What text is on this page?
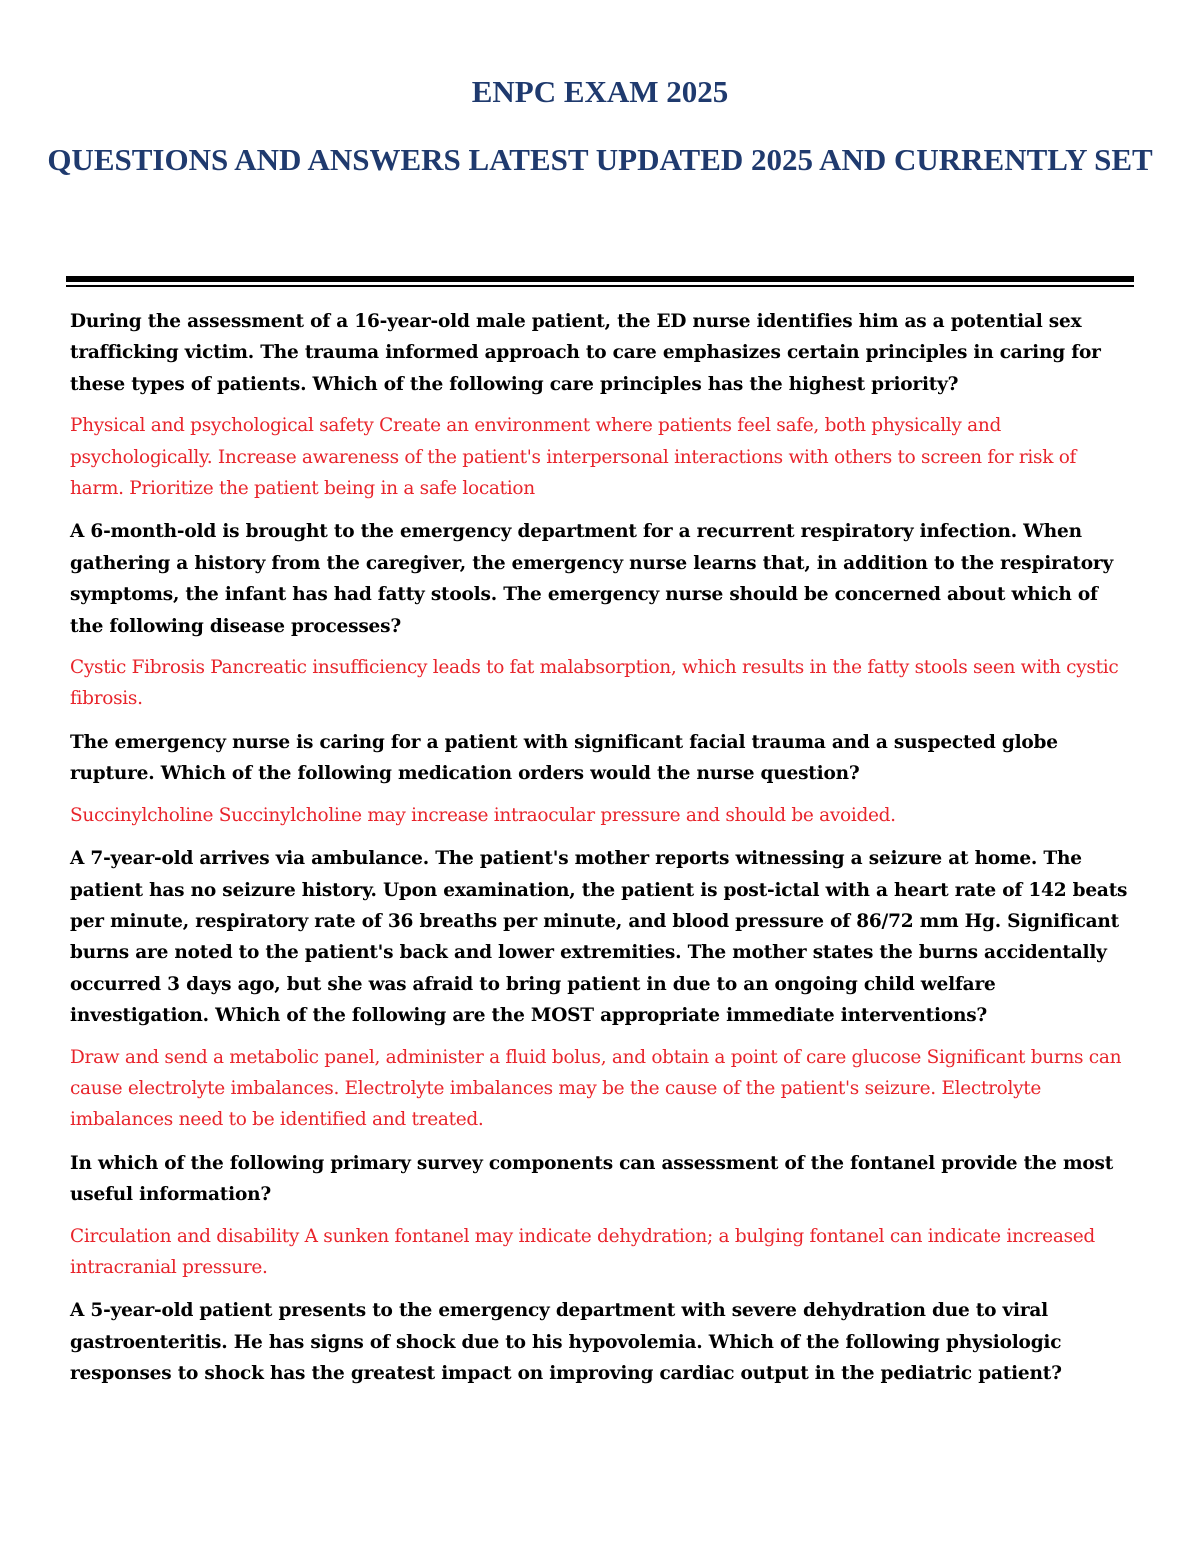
ENPC EXAM 2025
QUESTIONS AND ANSWERS LATEST UPDATED 2025 AND CURRENTLY SET

During the assessment of a 16-year-old male patient, the ED nurse identifies him as a potential sex trafficking victim. The trauma informed approach to care emphasizes certain principles in caring for these types of patients. Which of the following care principles has the highest priority?

Physical and psychological safety Create an environment where patients feel safe, both physically and psychologically. Increase awareness of the patient's interpersonal interactions with others to screen for risk of harm. Prioritize the patient being in a safe location

A 6-month-old is brought to the emergency department for a recurrent respiratory infection. When gathering a history from the caregiver, the emergency nurse learns that, in addition to the respiratory symptoms, the infant has had fatty stools. The emergency nurse should be concerned about which of the following disease processes?

Cystic Fibrosis Pancreatic insufficiency leads to fat malabsorption, which results in the fatty stools seen with cystic fibrosis.

The emergency nurse is caring for a patient with significant facial trauma and a suspected globe rupture. Which of the following medication orders would the nurse question?

Succinylcholine Succinylcholine may increase intraocular pressure and should be avoided.

A 7-year-old arrives via ambulance. The patient's mother reports witnessing a seizure at home. The patient has no seizure history. Upon examination, the patient is post-ictal with a heart rate of 142 beats per minute, respiratory rate of 36 breaths per minute, and blood pressure of 86/72 mm Hg. Significant burns are noted to the patient's back and lower extremities. The mother states the burns accidentally occurred 3 days ago, but she was afraid to bring patient in due to an ongoing child welfare investigation. Which of the following are the MOST appropriate immediate interventions?

Draw and send a metabolic panel, administer a fluid bolus, and obtain a point of care glucose Significant burns can cause electrolyte imbalances. Electrolyte imbalances may be the cause of the patient's seizure. Electrolyte imbalances need to be identified and treated.

In which of the following primary survey components can assessment of the fontanel provide the most useful information?

Circulation and disability A sunken fontanel may indicate dehydration; a bulging fontanel can indicate increased intracranial pressure.

A 5-year-old patient presents to the emergency department with severe dehydration due to viral gastroenteritis. He has signs of shock due to his hypovolemia. Which of the following physiologic responses to shock has the greatest impact on improving cardiac output in the pediatric patient?
